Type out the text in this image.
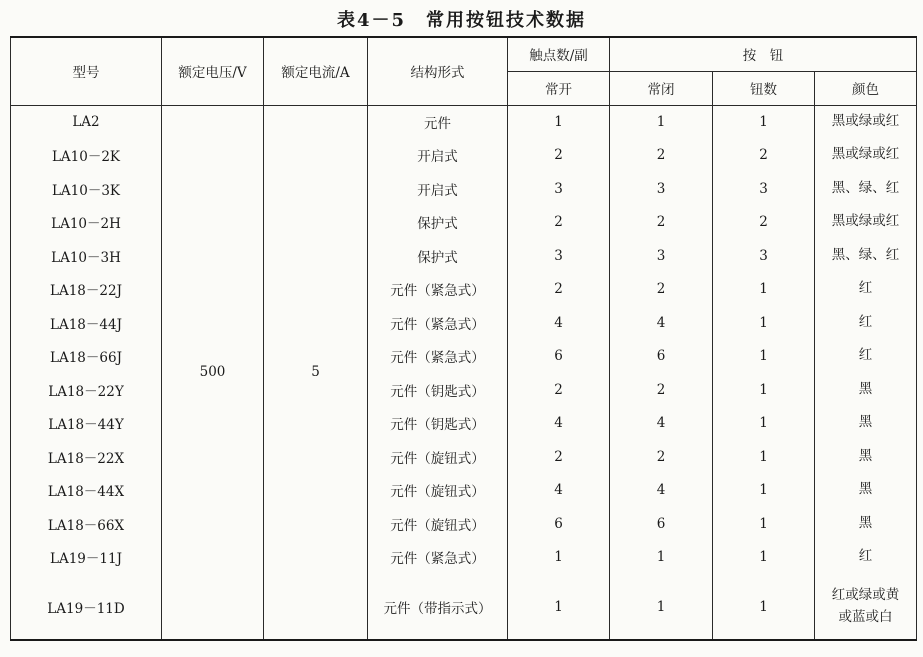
表4－5　常用按钮技术数据
型号	额定电压/V	额定电流/A	结构形式	触点数/副	按　钮		
				常开	常闭	钮数	颜色
LA2	500	5	元件	1	1	1	黑或绿或红
LA10－2K			开启式	2	2	2	黑或绿或红
LA10－3K			开启式	3	3	3	黑、绿、红
LA10－2H			保护式	2	2	2	黑或绿或红
LA10－3H			保护式	3	3	3	黑、绿、红
LA18－22J			元件（紧急式）	2	2	1	红
LA18－44J			元件（紧急式）	4	4	1	红
LA18－66J			元件（紧急式）	6	6	1	红
LA18－22Y			元件（钥匙式）	2	2	1	黑
LA18－44Y			元件（钥匙式）	4	4	1	黑
LA18－22X			元件（旋钮式）	2	2	1	黑
LA18－44X			元件（旋钮式）	4	4	1	黑
LA18－66X			元件（旋钮式）	6	6	1	黑
LA19－11J			元件（紧急式）	1	1	1	红
LA19－11D			元件（带指示式）	1	1	1	红或绿或黄
或蓝或白
